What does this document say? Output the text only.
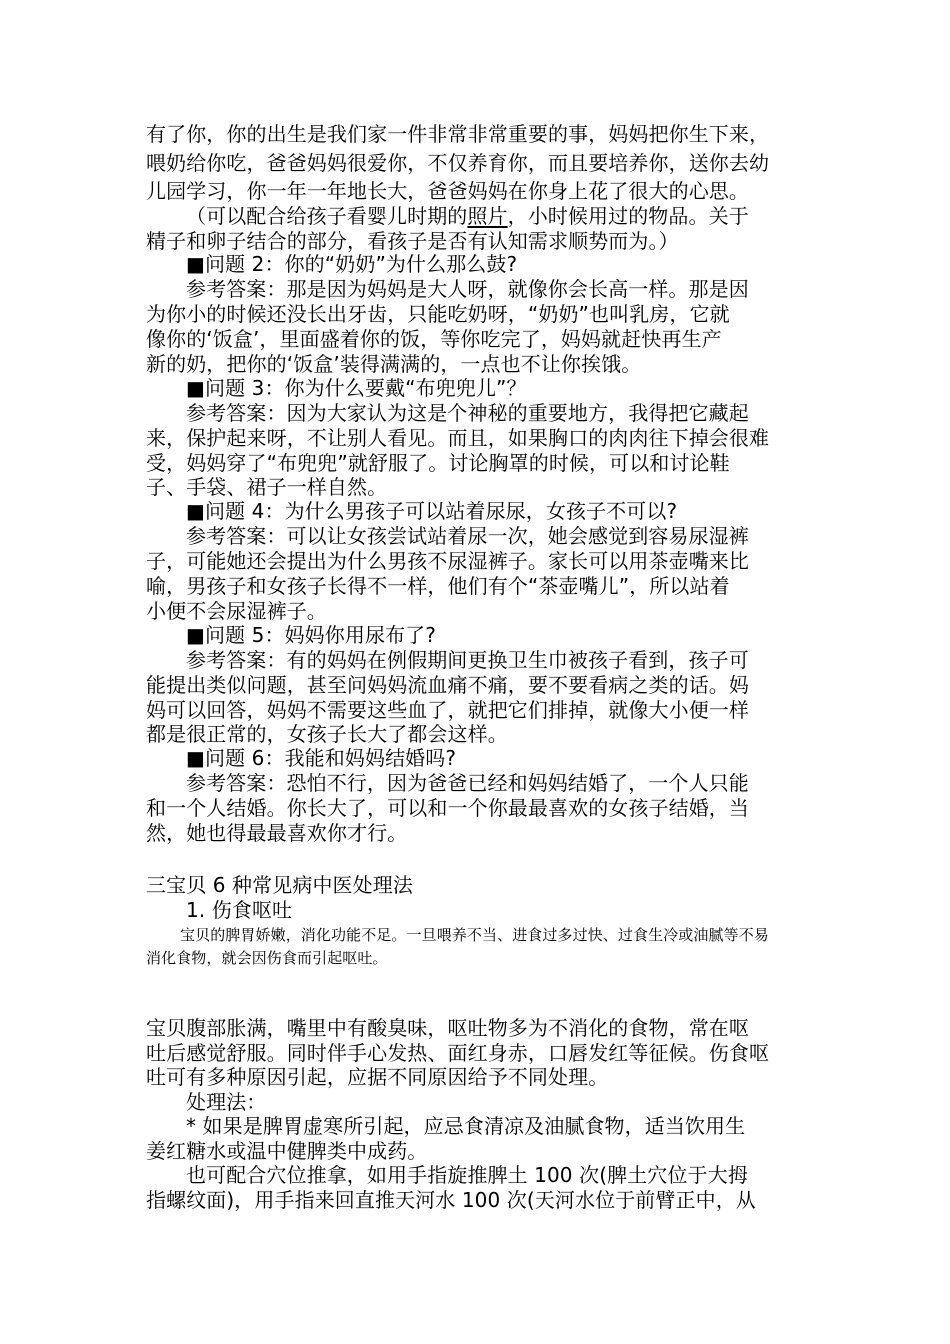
有了你，你的出生是我们家一件非常非常重要的事，妈妈把你生下来，
喂奶给你吃，爸爸妈妈很爱你，不仅养育你，而且要培养你，送你去幼
儿园学习，你一年一年地长大，爸爸妈妈在你身上花了很大的心思。
（可以配合给孩子看婴儿时期的照片，小时候用过的物品。关于
精子和卵子结合的部分，看孩子是否有认知需求顺势而为。）
■问题 2：你的“奶奶”为什么那么鼓?
参考答案：那是因为妈妈是大人呀，就像你会长高一样。那是因
为你小的时候还没长出牙齿，只能吃奶呀，“奶奶”也叫乳房，它就
像你的‘饭盒’，里面盛着你的饭，等你吃完了，妈妈就赶快再生产
新的奶，把你的‘饭盒’装得满满的，一点也不让你挨饿。
■问题 3：你为什么要戴“布兜兜儿”？
参考答案：因为大家认为这是个神秘的重要地方，我得把它藏起
来，保护起来呀，不让别人看见。而且，如果胸口的肉肉往下掉会很难
受，妈妈穿了“布兜兜”就舒服了。讨论胸罩的时候，可以和讨论鞋
子、手袋、裙子一样自然。
■问题 4：为什么男孩子可以站着尿尿，女孩子不可以?
参考答案：可以让女孩尝试站着尿一次，她会感觉到容易尿湿裤
子，可能她还会提出为什么男孩不尿湿裤子。家长可以用茶壶嘴来比
喻，男孩子和女孩子长得不一样，他们有个“茶壶嘴儿”，所以站着
小便不会尿湿裤子。
■问题 5：妈妈你用尿布了?
参考答案：有的妈妈在例假期间更换卫生巾被孩子看到，孩子可
能提出类似问题，甚至问妈妈流血痛不痛，要不要看病之类的话。妈
妈可以回答，妈妈不需要这些血了，就把它们排掉，就像大小便一样
都是很正常的，女孩子长大了都会这样。
■问题 6：我能和妈妈结婚吗?
参考答案：恐怕不行，因为爸爸已经和妈妈结婚了，一个人只能
和一个人结婚。你长大了，可以和一个你最最喜欢的女孩子结婚，当
然，她也得最最喜欢你才行。
三宝贝 6 种常见病中医处理法
1. 伤食呕吐
宝贝的脾胃娇嫩，消化功能不足。一旦喂养不当、进食过多过快、过食生冷或油腻等不易
消化食物，就会因伤食而引起呕吐。
宝贝腹部胀满，嘴里中有酸臭味，呕吐物多为不消化的食物，常在呕
吐后感觉舒服。同时伴手心发热、面红身赤，口唇发红等征候。伤食呕
吐可有多种原因引起，应据不同原因给予不同处理。
处理法：
* 如果是脾胃虚寒所引起，应忌食清凉及油腻食物，适当饮用生
姜红糖水或温中健脾类中成药。
也可配合穴位推拿，如用手指旋推脾土 100 次(脾土穴位于大拇
指螺纹面)，用手指来回直推天河水 100 次(天河水位于前臂正中，从
